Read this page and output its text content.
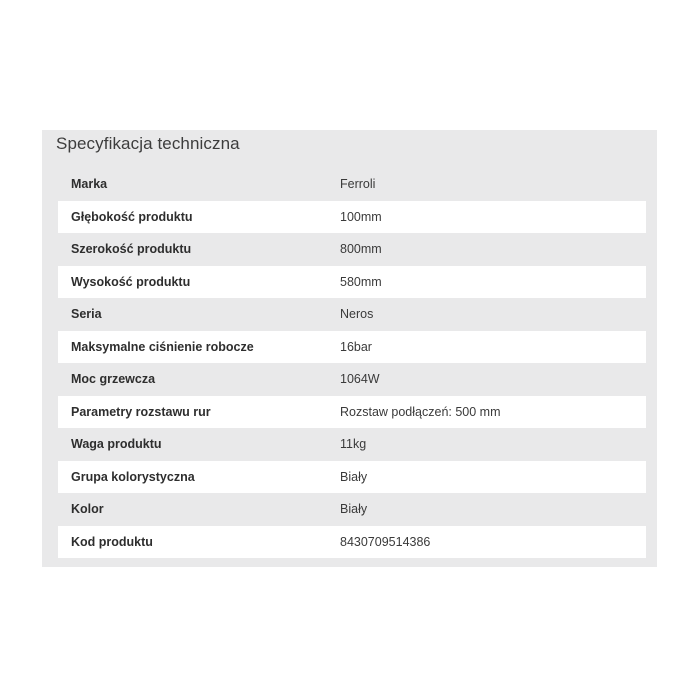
Specyfikacja techniczna
Marka	Ferroli
Głębokość produktu	100mm
Szerokość produktu	800mm
Wysokość produktu	580mm
Seria	Neros
Maksymalne ciśnienie robocze	16bar
Moc grzewcza	1064W
Parametry rozstawu rur	Rozstaw podłączeń: 500 mm
Waga produktu	11kg
Grupa kolorystyczna	Biały
Kolor	Biały
Kod produktu	8430709514386
